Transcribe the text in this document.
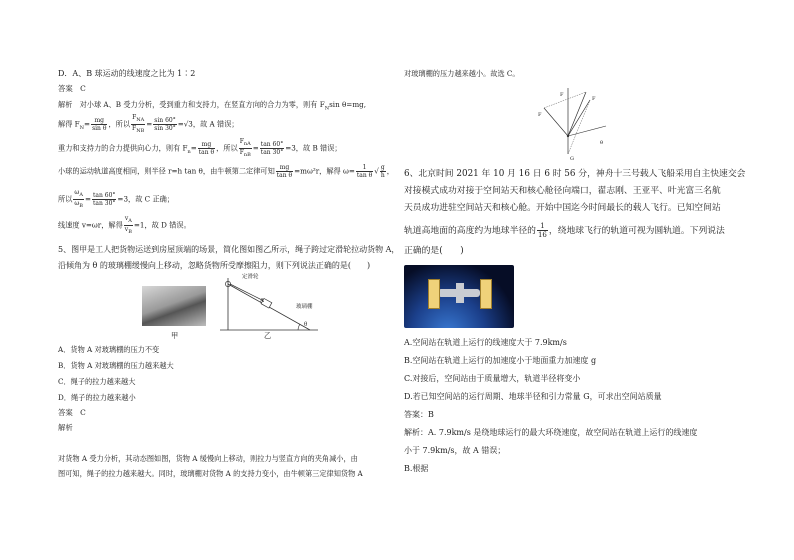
D．A、B 球运动的线速度之比为 1∶2
答案　C
解析　对小球 A、B 受力分析，受到重力和支持力，在竖直方向的合力为零，则有 $F_N\sin$ θ=mg,
解得 $F_N= \frac{mg}{\text{sin θ}}$ ，所以 $\frac{F_{NA}}{F_{NB}} = \frac{\sin 60^\circ}{\sin 30^\circ} =√3$，故 A 错误；
重力和支持力的合力提供向心力，则有 $F_n= \frac{mg}{\text{tan θ}}$ ，所以 $\frac{F_{nA}}{F_{nB}} = \frac{\tan 60^\circ}{\tan 30^\circ} =3$，故 B 错误；
小球的运动轨道高度相同，则半径 r=h tan θ，由牛顿第二定律可知 $\frac{mg}{\text{tan θ}} =m\omega^2r$，解得 $\omega= \frac{1}{\text{tan θ}}$ √ $\frac{g}{h}$ ，
所以 $\frac{\omega_A}{\omega_B} = \frac{\tan 60^\circ}{\tan 30^\circ} =3$，故 C 正确；
线速度 v=ωr，解得 $\frac{v_A}{v_B} =1$，故 D 错误。
5、图甲是工人把货物运送到房屋顶端的场景，简化图如图乙所示，绳子跨过定滑轮拉动货物 A，
沿倾角为 θ 的玻璃棚缓慢向上移动，忽略货物所受摩擦阻力，则下列说法正确的是(　　)
甲
定滑轮
玻璃棚
A
θ
乙
A．货物 A 对玻璃棚的压力不变
B．货物 A 对玻璃棚的压力越来越大
C．绳子的拉力越来越大
D．绳子的拉力越来越小
答案　C
解析
对货物 A 受力分析，其动态图如图，货物 A 缓慢向上移动，则拉力与竖直方向的夹角减小，由
图可知，绳子的拉力越来越大。同时，玻璃棚对货物 A 的支持力变小，由牛顿第三定律知货物 A
对玻璃棚的压力越来越小。故选 C。
F
F
F
G
θ
6、北京时间 2021 年 10 月 16 日 6 时 56 分，神舟十三号载人飞船采用自主快速交会
对接模式成功对接于空间站天和核心舱径向端口，翟志刚、王亚平、叶光富三名航
天员成功进驻空间站天和核心舱。开始中国迄今时间最长的载人飞行。已知空间站
轨道高地面的高度约为地球半径的 $\frac{1}{16}$ ，绕地球飞行的轨道可视为圆轨道。下列说法
正确的是(　　)
A.空间站在轨道上运行的线速度大于 7.9km/s
B.空间站在轨道上运行的加速度小于地面重力加速度 g
C.对接后，空间站由于质量增大，轨道半径将变小
D.若已知空间站的运行周期、地球半径和引力常量 G，可求出空间站质量
答案：B
解析：A. 7.9km/s 是绕地球运行的最大环绕速度，故空间站在轨道上运行的线速度
小于 7.9km/s，故 A 错误；
B.根据
